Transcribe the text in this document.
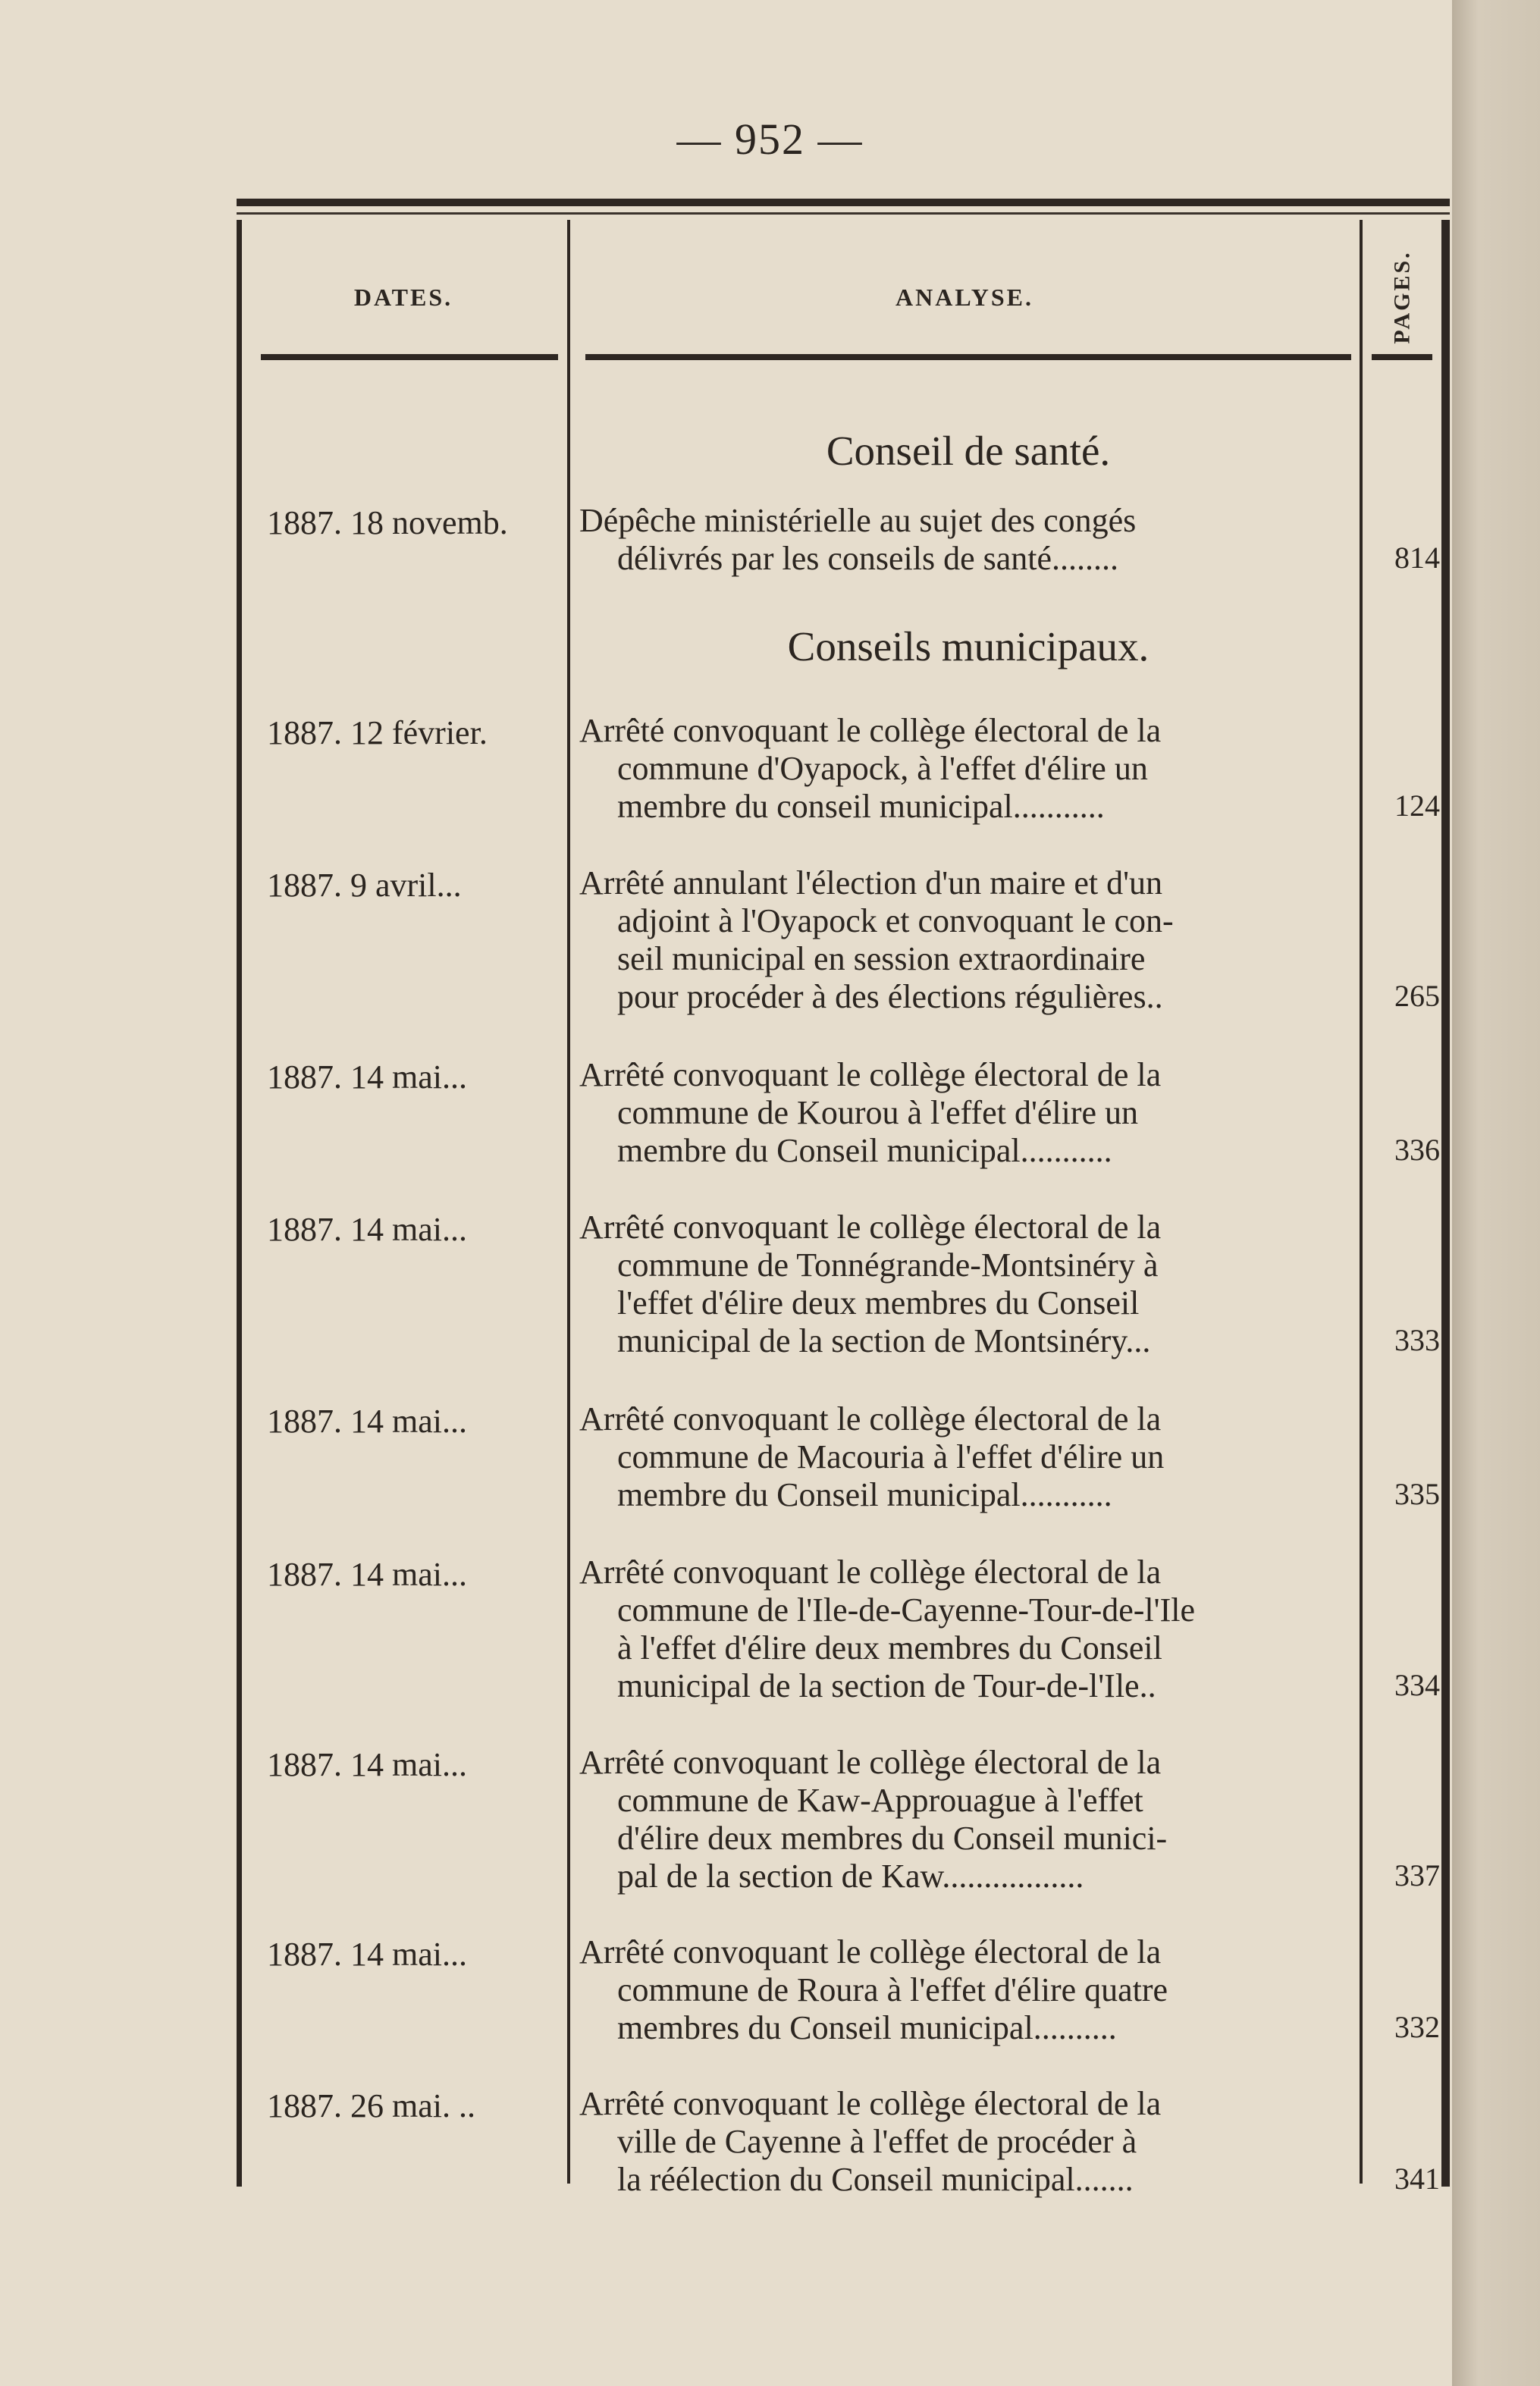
— 952 —
DATES.	ANALYSE.	PAGES.
Conseil de santé.
1887. 18 novemb.	Dépêche ministérielle au sujet des congés
délivrés par les conseils de santé........	814
Conseils municipaux.
1887. 12 février.	Arrêté convoquant le collège électoral de la
commune d'Oyapock, à l'effet d'élire un
membre du conseil municipal...........	124
1887. 9 avril...	Arrêté annulant l'élection d'un maire et d'un
adjoint à l'Oyapock et convoquant le con-
seil municipal en session extraordinaire
pour procéder à des élections régulières..	265
1887. 14 mai...	Arrêté convoquant le collège électoral de la
commune de Kourou à l'effet d'élire un
membre du Conseil municipal...........	336
1887. 14 mai...	Arrêté convoquant le collège électoral de la
commune de Tonnégrande-Montsinéry à
l'effet d'élire deux membres du Conseil
municipal de la section de Montsinéry...	333
1887. 14 mai...	Arrêté convoquant le collège électoral de la
commune de Macouria à l'effet d'élire un
membre du Conseil municipal...........	335
1887. 14 mai...	Arrêté convoquant le collège électoral de la
commune de l'Ile-de-Cayenne-Tour-de-l'Ile
à l'effet d'élire deux membres du Conseil
municipal de la section de Tour-de-l'Ile..	334
1887. 14 mai...	Arrêté convoquant le collège électoral de la
commune de Kaw-Approuague à l'effet
d'élire deux membres du Conseil munici-
pal de la section de Kaw.................	337
1887. 14 mai...	Arrêté convoquant le collège électoral de la
commune de Roura à l'effet d'élire quatre
membres du Conseil municipal..........	332
1887. 26 mai. ..	Arrêté convoquant le collège électoral de la
ville de Cayenne à l'effet de procéder à
la réélection du Conseil municipal.......	341
